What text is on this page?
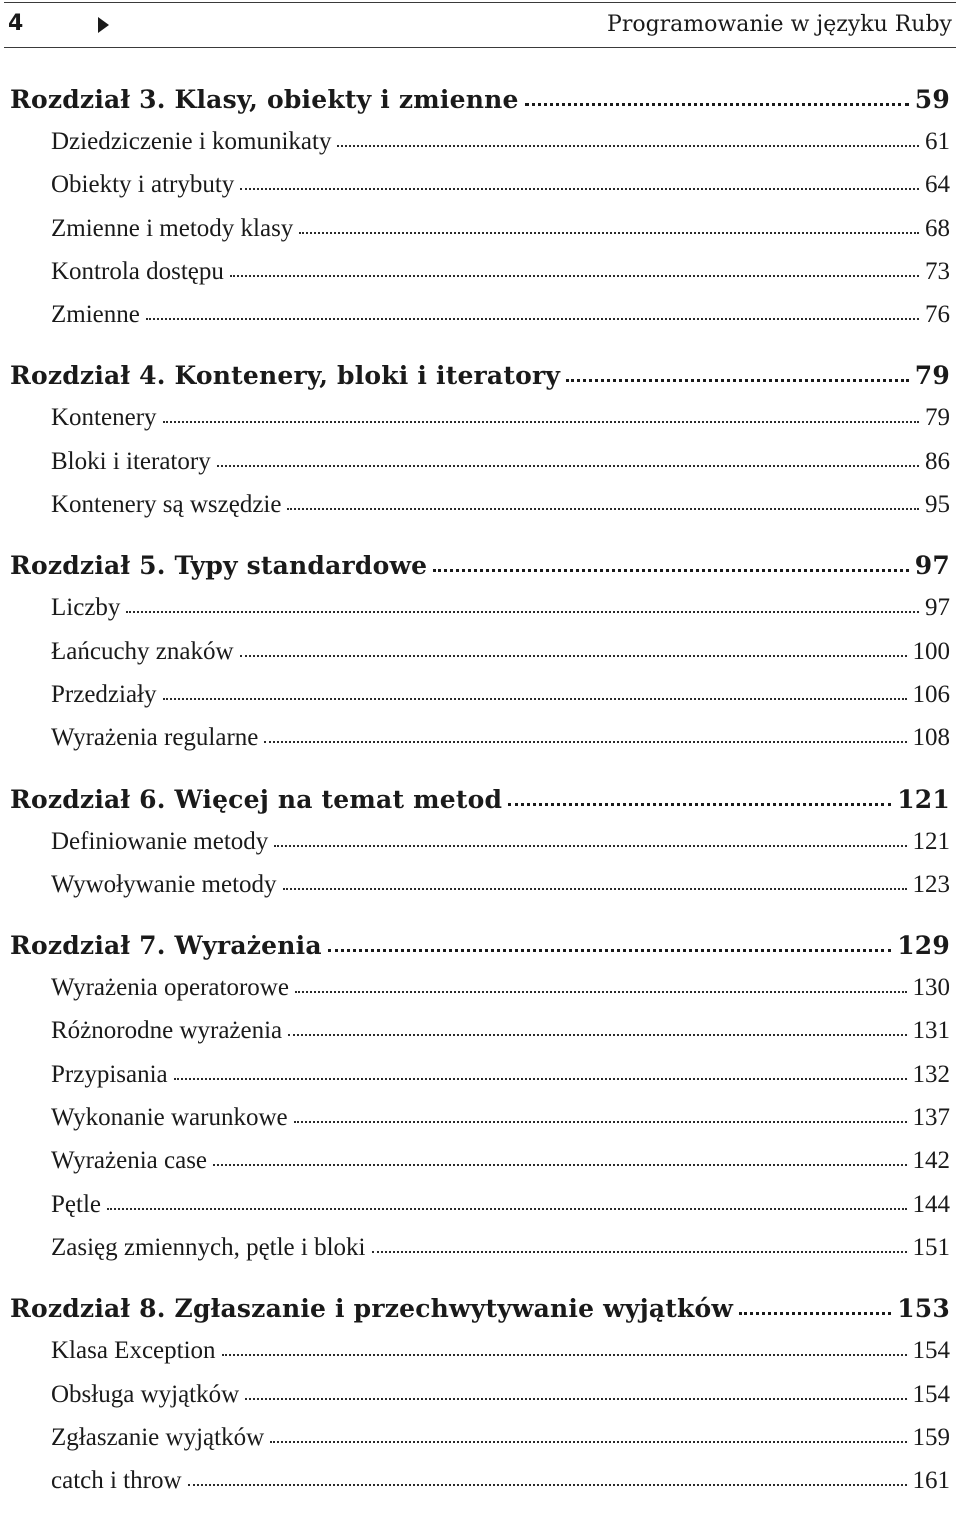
4	Programowanie w języku Ruby
Rozdział 3. Klasy, obiekty i zmienne	59
Dziedziczenie i komunikaty	61
Obiekty i atrybuty	64
Zmienne i metody klasy	68
Kontrola dostępu	73
Zmienne	76
Rozdział 4. Kontenery, bloki i iteratory	79
Kontenery	79
Bloki i iteratory	86
Kontenery są wszędzie	95
Rozdział 5. Typy standardowe	97
Liczby	97
Łańcuchy znaków	100
Przedziały	106
Wyrażenia regularne	108
Rozdział 6. Więcej na temat metod	121
Definiowanie metody	121
Wywoływanie metody	123
Rozdział 7. Wyrażenia	129
Wyrażenia operatorowe	130
Różnorodne wyrażenia	131
Przypisania	132
Wykonanie warunkowe	137
Wyrażenia case	142
Pętle	144
Zasięg zmiennych, pętle i bloki	151
Rozdział 8. Zgłaszanie i przechwytywanie wyjątków	153
Klasa Exception	154
Obsługa wyjątków	154
Zgłaszanie wyjątków	159
catch i throw	161
